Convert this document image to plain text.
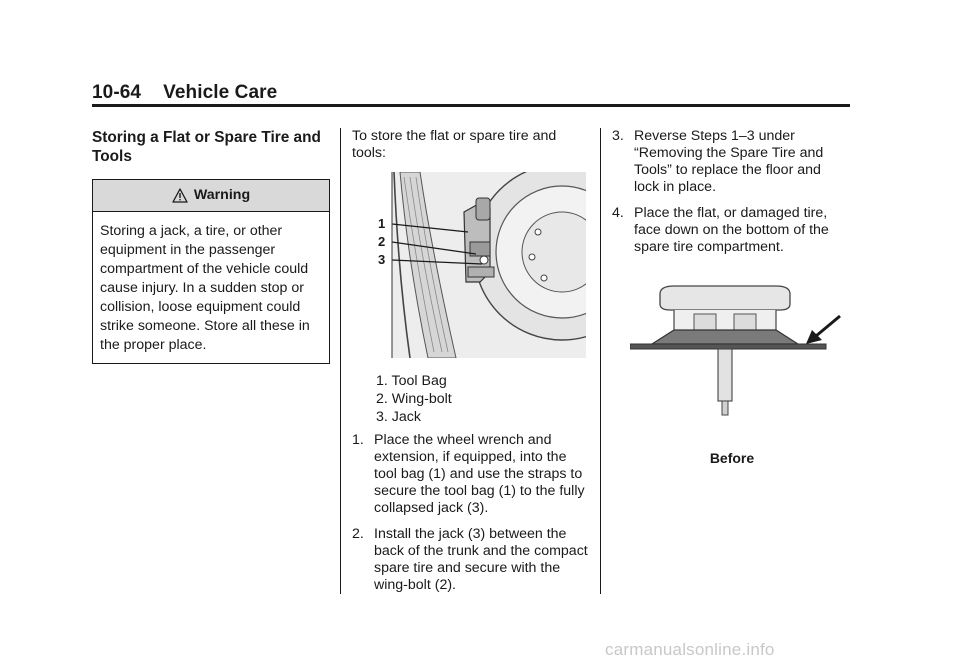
10-64 Vehicle Care
Storing a Flat or Spare Tire and Tools
Warning
Storing a jack, a tire, or other equipment in the passenger compartment of the vehicle could cause injury. In a sudden stop or collision, loose equipment could strike someone. Store all these in the proper place.
To store the flat or spare tire and tools:
1
2
3
1. Tool Bag
2. Wing-bolt
3. Jack
1. Place the wheel wrench and extension, if equipped, into the tool bag (1) and use the straps to secure the tool bag (1) to the fully collapsed jack (3).
2. Install the jack (3) between the back of the trunk and the compact spare tire and secure with the wing-bolt (2).
3. Reverse Steps 1–3 under “Removing the Spare Tire and Tools” to replace the floor and lock in place.
4. Place the flat, or damaged tire, face down on the bottom of the spare tire compartment.
Before
carmanualsonline.info
